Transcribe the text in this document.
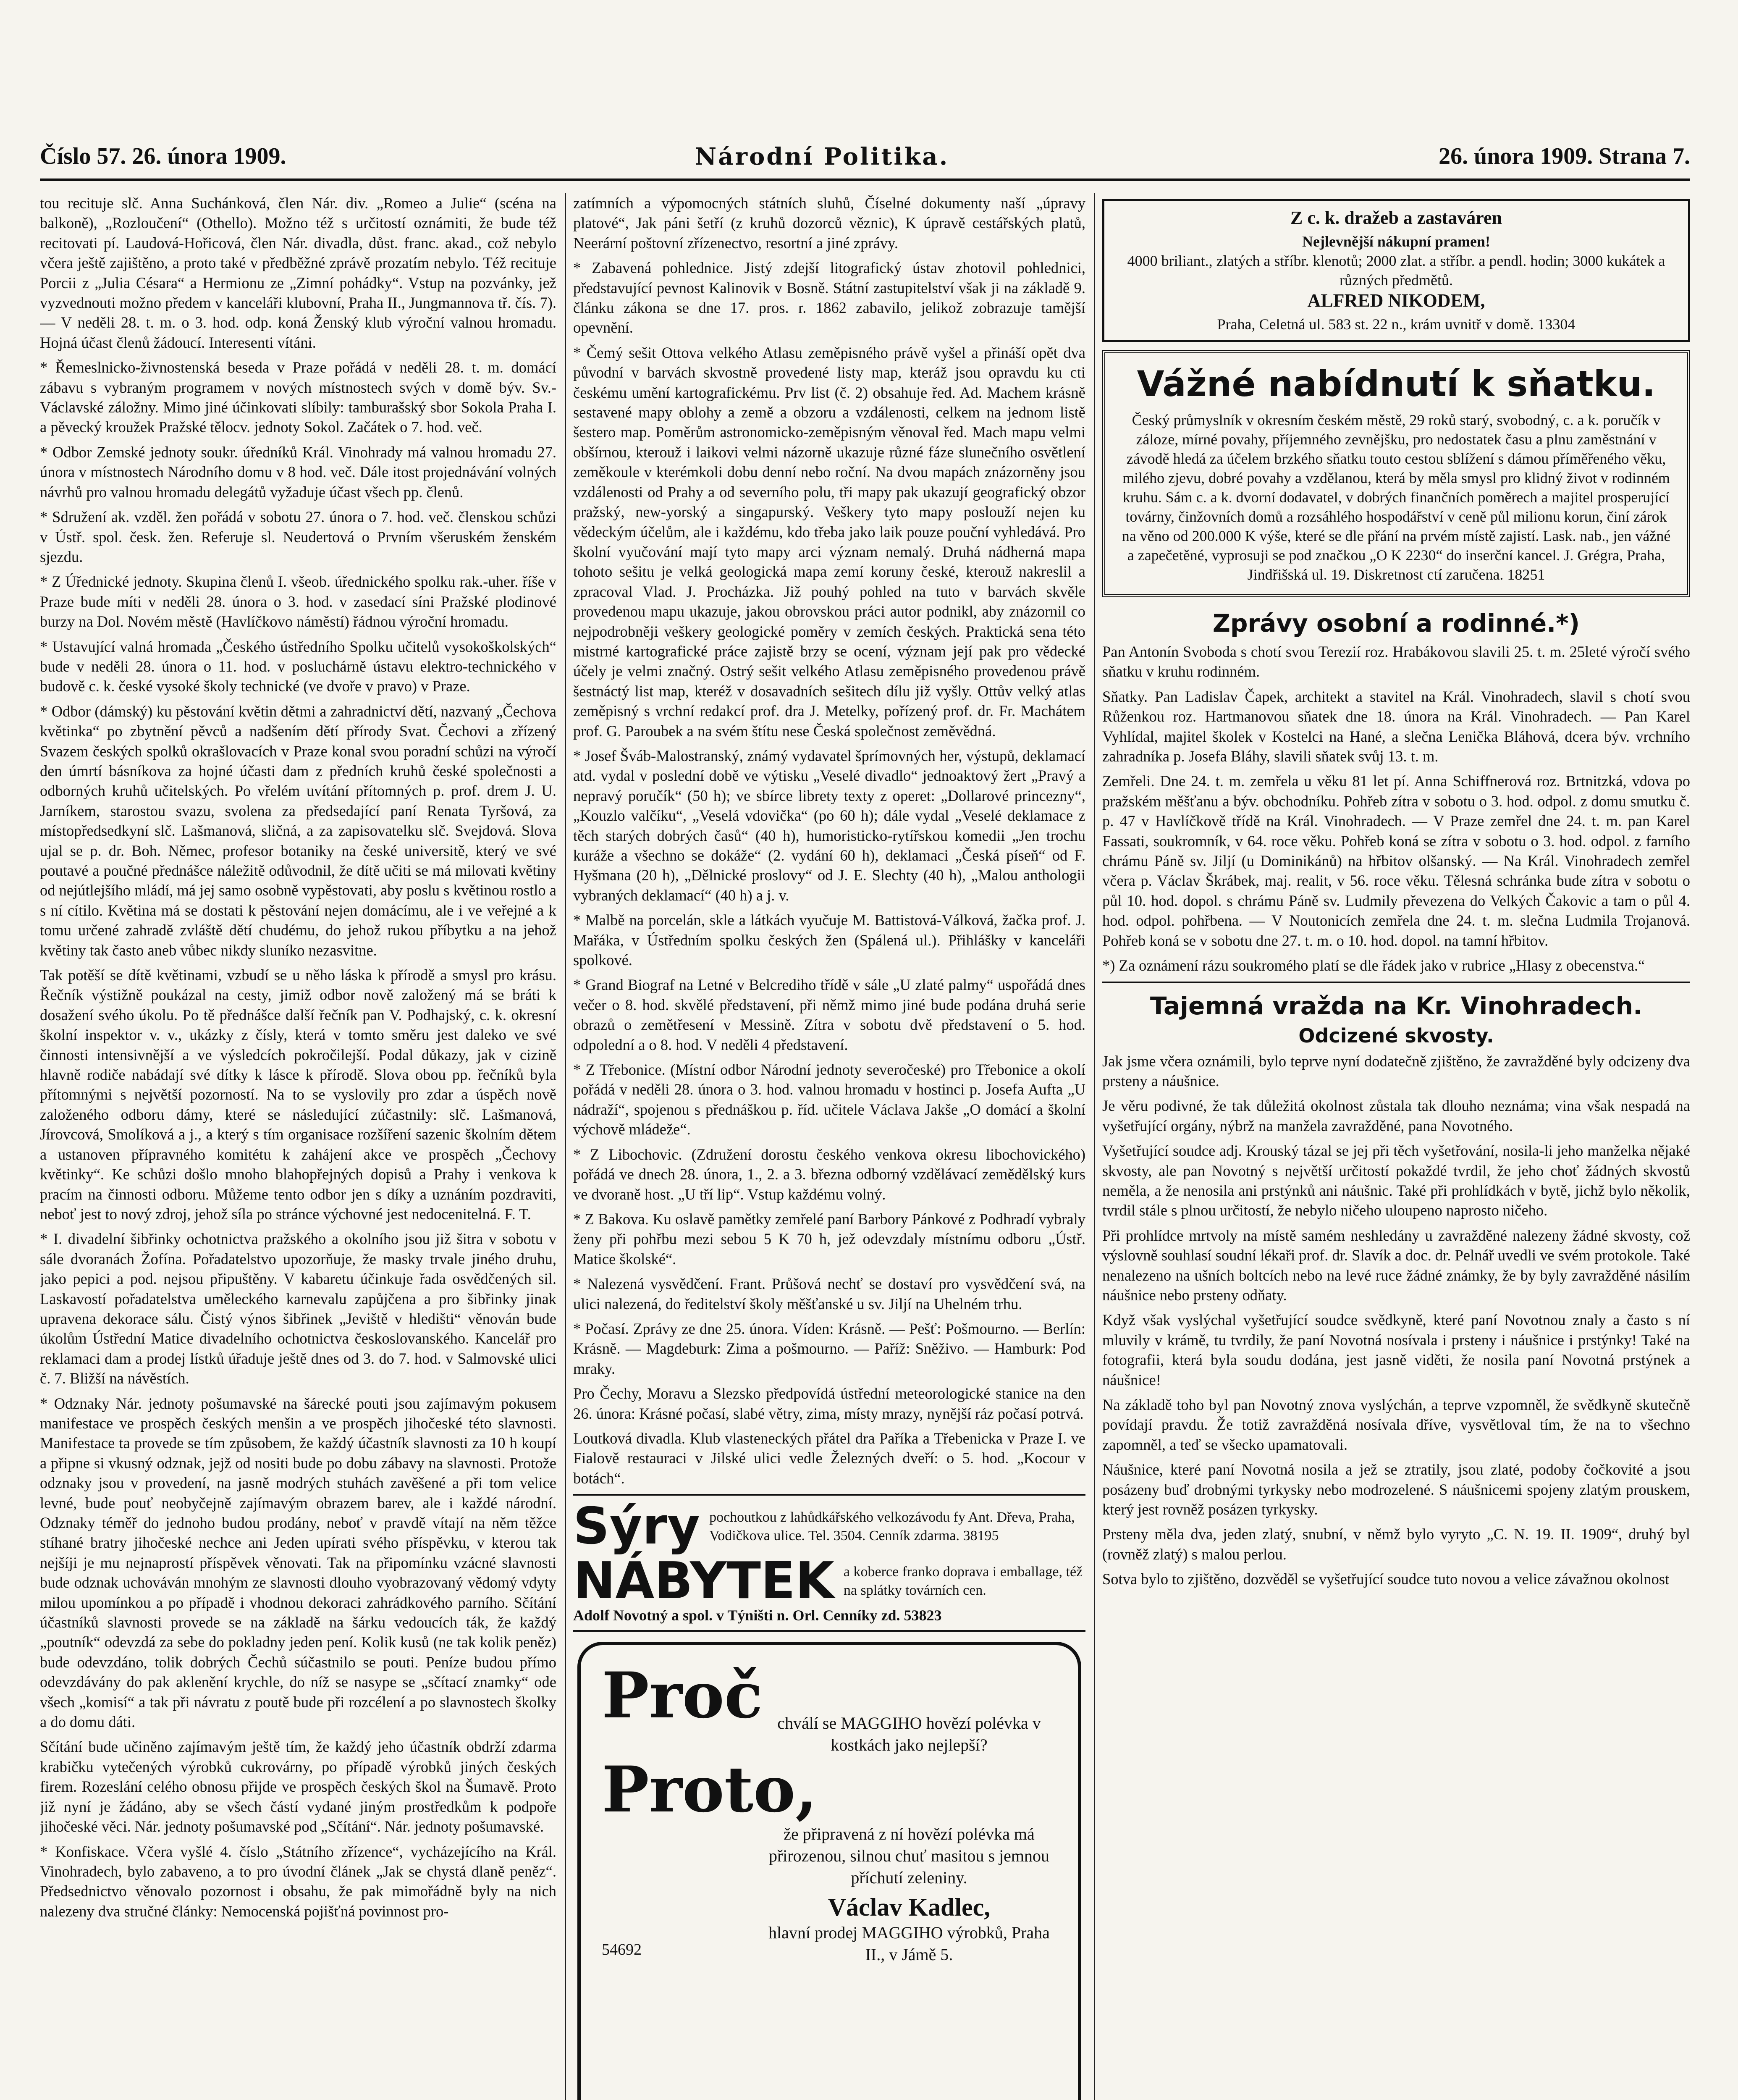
Číslo 57. 26. února 1909.	Národní Politika.	26. února 1909. Strana 7.

tou recituje slč. Anna Suchánková, člen Nár. div. „Romeo a Julie“ (scéna na balkoně), „Rozloučení“ (Othello). Možno též s určitostí oznámiti, že bude též recitovati pí. Laudová-Hořicová, člen Nár. divadla, důst. franc. akad., což nebylo včera ještě zajištěno, a proto také v předběžné zprávě prozatím nebylo. Též recituje Porcii z „Julia Césara“ a Hermionu ze „Zimní pohádky“. Vstup na pozvánky, jež vyzvednouti možno předem v kanceláři klubovní, Praha II., Jungmannova tř. čís. 7). — V neděli 28. t. m. o 3. hod. odp. koná Ženský klub výroční valnou hromadu. Hojná účast členů žádoucí. Interesenti vítáni.

* Řemeslnicko-živnostenská beseda v Praze pořádá v neděli 28. t. m. domácí zábavu s vybraným programem v nových místnostech svých v domě býv. Sv.-Václavské záložny. Mimo jiné účinkovati slíbily: tamburašský sbor Sokola Praha I. a pěvecký kroužek Pražské tělocv. jednoty Sokol. Začátek o 7. hod. več.

* Odbor Zemské jednoty soukr. úředníků Král. Vinohrady má valnou hromadu 27. února v místnostech Národního domu v 8 hod. več. Dále itost projednávání volných návrhů pro valnou hromadu delegátů vyžaduje účast všech pp. členů.

* Sdružení ak. vzděl. žen pořádá v sobotu 27. února o 7. hod. več. členskou schůzi v Ústř. spol. česk. žen. Referuje sl. Neudertová o Prvním všeruském ženském sjezdu.

* Z Úřednické jednoty. Skupina členů I. všeob. úřednického spolku rak.-uher. říše v Praze bude míti v neděli 28. února o 3. hod. v zasedací síni Pražské plodinové burzy na Dol. Novém městě (Havlíčkovo náměstí) řádnou výroční hromadu.

* Ustavující valná hromada „Českého ústředního Spolku učitelů vysokoškolských“ bude v neděli 28. února o 11. hod. v posluchárně ústavu elektro-technického v budově c. k. české vysoké školy technické (ve dvoře v pravo) v Praze.

* Odbor (dámský) ku pěstování květin dětmi a zahradnictví dětí, nazvaný „Čechova květinka“ po zbytnění pěvců a nadšením dětí přírody Svat. Čechovi a zřízený Svazem českých spolků okrašlovacích v Praze konal svou poradní schůzi na výročí den úmrtí básníkova za hojné účasti dam z předních kruhů české společnosti a odborných kruhů učitelských. Po vřelém uvítání přítomných p. prof. drem J. U. Jarníkem, starostou svazu, svolena za předsedající paní Renata Tyršová, za místopředsedkyní slč. Lašmanová, sličná, a za zapisovatelku slč. Svejdová. Slova ujal se p. dr. Boh. Němec, profesor botaniky na české universitě, který ve své poutavé a poučné přednášce náležitě odůvodnil, že dítě učiti se má milovati květiny od nejútlejšího mládí, má jej samo osobně vypěstovati, aby poslu s květinou rostlo a s ní cítilo. Květina má se dostati k pěstování nejen domácímu, ale i ve veřejné a k tomu určené zahradě zvláště dětí chudému, do jehož rukou příbytku a na jehož květiny tak často aneb vůbec nikdy sluníko nezasvitne.

Tak potěší se dítě květinami, vzbudí se u něho láska k přírodě a smysl pro krásu. Řečník výstižně poukázal na cesty, jimiž odbor nově založený má se bráti k dosažení svého úkolu. Po tě přednášce další řečník pan V. Podhajský, c. k. okresní školní inspektor v. v., ukázky z čísly, která v tomto směru jest daleko ve své činnosti intensivnější a ve výsledcích pokročilejší. Podal důkazy, jak v cizině hlavně rodiče nabádají své dítky k lásce k přírodě. Slova obou pp. řečníků byla přítomnými s největší pozorností. Na to se vyslovily pro zdar a úspěch nově založeného odboru dámy, které se následující zúčastnily: slč. Lašmanová, Jírovcová, Smolíková a j., a který s tím organisace rozšíření sazenic školním dětem a ustanoven přípravného komitétu k zahájení akce ve prospěch „Čechovy květinky“. Ke schůzi došlo mnoho blahopřejných dopisů a Prahy i venkova k pracím na činnosti odboru. Můžeme tento odbor jen s díky a uznáním pozdraviti, neboť jest to nový zdroj, jehož síla po stránce výchovné jest nedocenitelná. F. T.

* I. divadelní šibřinky ochotnictva pražského a okolního jsou již šitra v sobotu v sále dvoranách Žofína. Pořadatelstvo upozorňuje, že masky trvale jiného druhu, jako pepici a pod. nejsou připuštěny. V kabaretu účinkuje řada osvědčených sil. Laskavostí pořadatelstva uměleckého karnevalu zapůjčena a pro šibřinky jinak upravena dekorace sálu. Čistý výnos šibřinek „Jeviště v hledišti“ věnován bude úkolům Ústřední Matice divadelního ochotnictva českoslovanského. Kancelář pro reklamaci dam a prodej lístků úřaduje ještě dnes od 3. do 7. hod. v Salmovské ulici č. 7. Bližší na návěstích.

* Odznaky Nár. jednoty pošumavské na šárecké pouti jsou zajímavým pokusem manifestace ve prospěch českých menšin a ve prospěch jihočeské této slavnosti. Manifestace ta provede se tím způsobem, že každý účastník slavnosti za 10 h koupí a připne si vkusný odznak, jejž od nositi bude po dobu zábavy na slavnosti. Protože odznaky jsou v provedení, na jasně modrých stuhách zavěšené a při tom velice levné, bude pouť neobyčejně zajímavým obrazem barev, ale i každé národní. Odznaky téměř do jednoho budou prodány, neboť v pravdě vítají na něm těžce stíhané bratry jihočeské nechce ani Jeden upírati svého příspěvku, v kterou tak nejšíji je mu nejnaprostí příspěvek věnovati. Tak na připomínku vzácné slavnosti bude odznak uchováván mnohým ze slavnosti dlouho vyobrazovaný vědomý vdyty milou upomínkou a po případě i vhodnou dekoraci zahrádkového parního. Sčítání účastníků slavnosti provede se na základě na šárku vedoucích ták, že každý „poutník“ odevzdá za sebe do pokladny jeden pení. Kolik kusů (ne tak kolik peněz) bude odevzdáno, tolik dobrých Čechů súčastnilo se pouti. Peníze budou přímo odevzdávány do pak aklenění krychle, do níž se nasype se „sčítací znamky“ ode všech „komisí“ a tak při návratu z poutě bude při rozcélení a po slavnostech školky a do domu dáti.

Sčítání bude učiněno zajímavým ještě tím, že každý jeho účastník obdrží zdarma krabičku vytečených výrobků cukrovárny, po případě výrobků jiných českých firem. Rozeslání celého obnosu přijde ve prospěch českých škol na Šumavě. Proto již nyní je žádáno, aby se všech částí vydané jiným prostředkům k podpoře jihočeské věci. Nár. jednoty pošumavské pod „Sčítání“. Nár. jednoty pošumavské.

* Konfiskace. Včera vyšlé 4. číslo „Státního zřízence“, vycházejícího na Král. Vinohradech, bylo zabaveno, a to pro úvodní článek „Jak se chystá dlaně peněz“. Předsednictvo věnovalo pozornost i obsahu, že pak mimořádně byly na nich nalezeny dva stručné články: Nemocenská pojišťná povinnost pro-

zatímních a výpomocných státních sluhů, Číselné dokumenty naší „úpravy platové“, Jak páni šetří (z kruhů dozorců věznic), K úpravě cestářských platů, Neerární poštovní zřízenectvo, resortní a jiné zprávy.

* Zabavená pohlednice. Jistý zdejší litografický ústav zhotovil pohlednici, představující pevnost Kalinovik v Bosně. Státní zastupitelství však ji na základě 9. článku zákona se dne 17. pros. r. 1862 zabavilo, jelikož zobrazuje tamější opevnění.

* Čemý sešit Ottova velkého Atlasu zeměpisného právě vyšel a přináší opět dva původní v barvách skvostně provedené listy map, kteráž jsou opravdu ku cti českému umění kartografickému. Prv list (č. 2) obsahuje řed. Ad. Machem krásně sestavené mapy oblohy a země a obzoru a vzdálenosti, celkem na jednom listě šestero map. Poměrům astronomicko-zeměpisným věnoval řed. Mach mapu velmi obšírnou, kterouž i laikovi velmi názorně ukazuje různé fáze slunečního osvětlení zeměkoule v kterémkoli dobu denní nebo roční. Na dvou mapách znázorněny jsou vzdálenosti od Prahy a od severního polu, tři mapy pak ukazují geografický obzor pražský, new-yorský a singapurský. Veškery tyto mapy poslouží nejen ku vědeckým účelům, ale i každému, kdo třeba jako laik pouze pouční vyhledává. Pro školní vyučování mají tyto mapy arci význam nemalý. Druhá nádherná mapa tohoto sešitu je velká geologická mapa zemí koruny české, kterouž nakreslil a zpracoval Vlad. J. Procházka. Již pouhý pohled na tuto v barvách skvěle provedenou mapu ukazuje, jakou obrovskou práci autor podnikl, aby znázornil co nejpodrobněji veškery geologické poměry v zemích českých. Praktická sena této mistrné kartografické práce zajistě brzy se ocení, význam její pak pro vědecké účely je velmi značný. Ostrý sešit velkého Atlasu zeměpisného provedenou právě šestnáctý list map, kteréž v dosavadních sešitech dílu již vyšly. Ottův velký atlas zeměpisný s vrchní redakcí prof. dra J. Metelky, pořízený prof. dr. Fr. Machátem prof. G. Paroubek a na svém štítu nese Česká společnost zeměvědná.

* Josef Šváb-Malostranský, známý vydavatel šprímovných her, výstupů, deklamací atd. vydal v poslední době ve výtisku „Veselé divadlo“ jednoaktový žert „Pravý a nepravý poručík“ (50 h); ve sbírce librety texty z operet: „Dollarové princezny“, „Kouzlo valčíku“, „Veselá vdovička“ (po 60 h); dále vydal „Veselé deklamace z těch starých dobrých časů“ (40 h), humoristicko-rytířskou komedii „Jen trochu kuráže a všechno se dokáže“ (2. vydání 60 h), deklamaci „Česká píseň“ od F. Hyšmana (20 h), „Dělnické proslovy“ od J. E. Slechty (40 h), „Malou anthologii vybraných deklamací“ (40 h) a j. v.

* Malbě na porcelán, skle a látkách vyučuje M. Battistová-Válková, žačka prof. J. Mařáka, v Ústředním spolku českých žen (Spálená ul.). Přihlášky v kanceláři spolkové.

* Grand Biograf na Letné v Belcrediho třídě v sále „U zlaté palmy“ uspořádá dnes večer o 8. hod. skvělé představení, při němž mimo jiné bude podána druhá serie obrazů o zemětřesení v Messině. Zítra v sobotu dvě představení o 5. hod. odpolední a o 8. hod. V neděli 4 představení.

* Z Třebonice. (Místní odbor Národní jednoty severočeské) pro Třebonice a okolí pořádá v neděli 28. února o 3. hod. valnou hromadu v hostinci p. Josefa Aufta „U nádraží“, spojenou s přednáškou p. říd. učitele Václava Jakše „O domácí a školní výchově mládeže“.

* Z Libochovic. (Združení dorostu českého venkova okresu libochovického) pořádá ve dnech 28. února, 1., 2. a 3. března odborný vzdělávací zemědělský kurs ve dvoraně host. „U tří lip“. Vstup každému volný.

* Z Bakova. Ku oslavě pamětky zemřelé paní Barbory Pánkové z Podhradí vybraly ženy při pohřbu mezi sebou 5 K 70 h, jež odevzdaly místnímu odboru „Ústř. Matice školské“.

* Nalezená vysvědčení. Frant. Průšová nechť se dostaví pro vysvědčení svá, na ulici nalezená, do ředitelství školy měšťanské u sv. Jiljí na Uhelném trhu.

* Počasí. Zprávy ze dne 25. února. Víden: Krásně. — Pešť: Pošmourno. — Berlín: Krásně. — Magdeburk: Zima a pošmourno. — Paříž: Sněživo. — Hamburk: Pod mraky.

Pro Čechy, Moravu a Slezsko předpovídá ústřední meteorologické stanice na den 26. února: Krásné počasí, slabé větry, zima, místy mrazy, nynější ráz počasí potrvá.

Loutková divadla. Klub vlasteneckých přátel dra Paříka a Třebenicka v Praze I. ve Fialově restauraci v Jilské ulici vedle Železných dveří: o 5. hod. „Kocour v botách“.

Sýry pochoutkou z lahůdkářského velkozávodu fy Ant. Dřeva, Praha, Vodičkova ulice. Tel. 3504. Cenník zdarma. 38195
NÁBYTEK a koberce franko doprava i emballage, též na splátky továrních cen.
Adolf Novotný a spol. v Týništi n. Orl. Cenníky zd. 53823
Proč chválí se MAGGIHO hovězí polévka v kostkách jako nejlepší?
Proto,
že připravená z ní hovězí polévka má přirozenou, silnou chuť masitou s jemnou příchutí zeleniny.
Václav Kadlec,
hlavní prodej MAGGIHO výrobků, Praha II., v Jámě 5.
54692
Z c. k. dražeb a zastaváren
Nejlevnější nákupní pramen!
4000 briliant., zlatých a stříbr. klenotů; 2000 zlat. a stříbr. a pendl. hodin; 3000 kukátek a různých předmětů.
ALFRED NIKODEM,
Praha, Celetná ul. 583 st. 22 n., krám uvnitř v domě. 13304
Vážné nabídnutí k sňatku.
Český průmyslník v okresním českém městě, 29 roků starý, svobodný, c. a k. poručík v záloze, mírné povahy, příjemného zevnějšku, pro nedostatek času a plnu zaměstnání v závodě hledá za účelem brzkého sňatku touto cestou sblížení s dámou příměřeného věku, milého zjevu, dobré povahy a vzdělanou, která by měla smysl pro klidný život v rodinném kruhu. Sám c. a k. dvorní dodavatel, v dobrých finančních poměrech a majitel prosperující továrny, činžovních domů a rozsáhlého hospodářství v ceně půl milionu korun, činí zárok na věno od 200.000 K výše, které se dle přání na prvém místě zajistí. Lask. nab., jen vážné a zapečetěné, vyprosuji se pod značkou „O K 2230“ do inserční kancel. J. Grégra, Praha, Jindřišská ul. 19. Diskretnost ctí zaručena. 18251
Zprávy osobní a rodinné.*)

Pan Antonín Svoboda s chotí svou Terezií roz. Hrabákovou slavili 25. t. m. 25leté výročí svého sňatku v kruhu rodinném.

Sňatky. Pan Ladislav Čapek, architekt a stavitel na Král. Vinohradech, slavil s chotí svou Růženkou roz. Hartmanovou sňatek dne 18. února na Král. Vinohradech. — Pan Karel Vyhlídal, majitel školek v Kostelci na Hané, a slečna Lenička Bláhová, dcera býv. vrchního zahradníka p. Josefa Bláhy, slavili sňatek svůj 13. t. m.

Zemřeli. Dne 24. t. m. zemřela u věku 81 let pí. Anna Schiffnerová roz. Brtnitzká, vdova po pražském měšťanu a býv. obchodníku. Pohřeb zítra v sobotu o 3. hod. odpol. z domu smutku č. p. 47 v Havlíčkově třídě na Král. Vinohradech. — V Praze zemřel dne 24. t. m. pan Karel Fassati, soukromník, v 64. roce věku. Pohřeb koná se zítra v sobotu o 3. hod. odpol. z farního chrámu Páně sv. Jiljí (u Dominikánů) na hřbitov olšanský. — Na Král. Vinohradech zemřel včera p. Václav Škrábek, maj. realit, v 56. roce věku. Tělesná schránka bude zítra v sobotu o půl 10. hod. dopol. s chrámu Páně sv. Ludmily převezena do Velkých Čakovic a tam o půl 4. hod. odpol. pohřbena. — V Noutonicích zemřela dne 24. t. m. slečna Ludmila Trojanová. Pohřeb koná se v sobotu dne 27. t. m. o 10. hod. dopol. na tamní hřbitov.

*) Za oznámení rázu soukromého platí se dle řádek jako v rubrice „Hlasy z obecenstva.“

Tajemná vražda na Kr. Vinohradech.
Odcizené skvosty.

Jak jsme včera oznámili, bylo teprve nyní dodatečně zjištěno, že zavražděné byly odcizeny dva prsteny a náušnice.

Je věru podivné, že tak důležitá okolnost zůstala tak dlouho neznáma; vina však nespadá na vyšetřující orgány, nýbrž na manžela zavražděné, pana Novotného.

Vyšetřující soudce adj. Krouský tázal se jej při těch vyšetřování, nosila-li jeho manželka nějaké skvosty, ale pan Novotný s největší určitostí pokaždé tvrdil, že jeho choť žádných skvostů neměla, a že nenosila ani prstýnků ani náušnic. Také při prohlídkách v bytě, jichž bylo několik, tvrdil stále s plnou určitostí, že nebylo ničeho uloupeno naprosto ničeho.

Při prohlídce mrtvoly na místě samém neshledány u zavražděné nalezeny žádné skvosty, což výslovně souhlasí soudní lékaři prof. dr. Slavík a doc. dr. Pelnář uvedli ve svém protokole. Také nenalezeno na ušních boltcích nebo na levé ruce žádné známky, že by byly zavražděné násilím náušnice nebo prsteny odňaty.

Když však vyslýchal vyšetřující soudce svědkyně, které paní Novotnou znaly a často s ní mluvily v krámě, tu tvrdily, že paní Novotná nosívala i prsteny i náušnice i prstýnky! Také na fotografii, která byla soudu dodána, jest jasně viděti, že nosila paní Novotná prstýnek a náušnice!

Na základě toho byl pan Novotný znova vyslýchán, a teprve vzpomněl, že svědkyně skutečně povídají pravdu. Že totiž zavražděná nosívala dříve, vysvětloval tím, že na to všechno zapomněl, a teď se všecko upamatovali.

Náušnice, které paní Novotná nosila a jež se ztratily, jsou zlaté, podoby čočkovité a jsou posázeny buď drobnými tyrkysky nebo modrozelené. S náušnicemi spojeny zlatým prouskem, který jest rovněž posázen tyrkysky.

Prsteny měla dva, jeden zlatý, snubní, v němž bylo vyryto „C. N. 19. II. 1909“, druhý byl (rovněž zlatý) s malou perlou.

Sotva bylo to zjištěno, dozvěděl se vyšetřující soudce tuto novou a velice závažnou okolnost
